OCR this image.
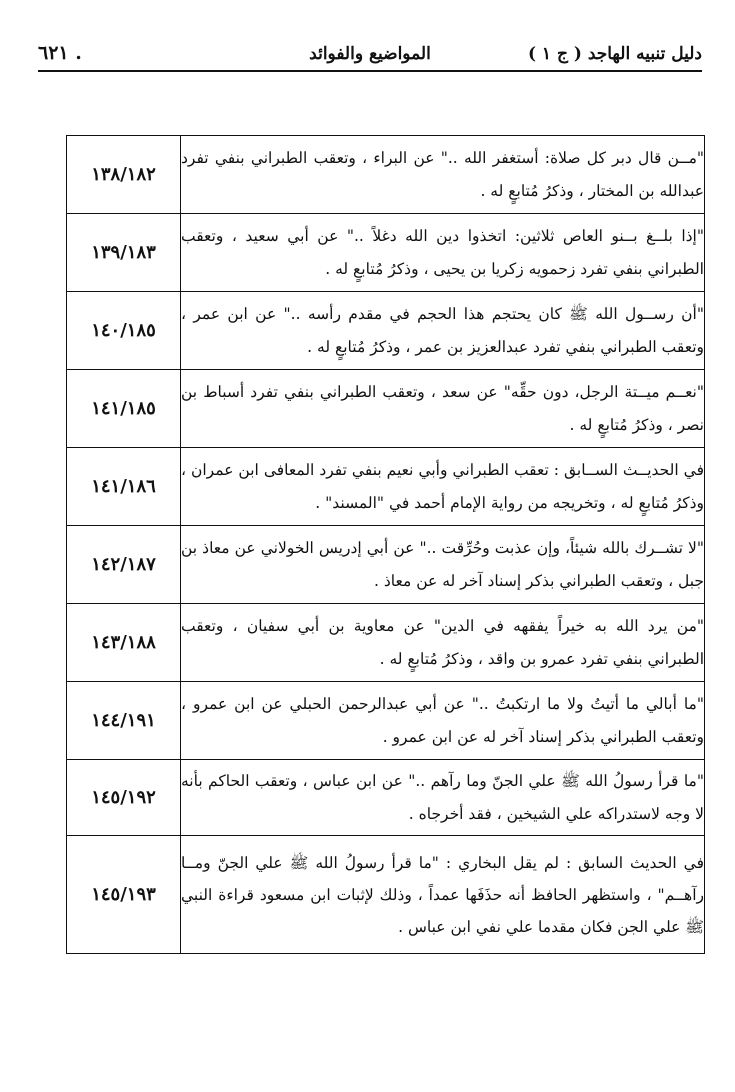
دليل تنبيه الهاجد ( ج ١ )
المواضيع والفوائد
٦٢١ .
"مــن قال دبر كل صلاة: أستغفر الله .." عن البراء ، وتعقب الطبراني بنفي تفرد عبدالله بن المختار ، وذكرُ مُتابعٍ له .	١٣٨/١٨٢
"إذا بلــغ بــنو العاص ثلاثين: اتخذوا دين الله دغلاً .." عن أبي سعيد ، وتعقب الطبراني بنفي تفرد زحمويه زكريا بن يحيى ، وذكرُ مُتابعٍ له .	١٣٩/١٨٣
"أن رســول الله ﷺ كان يحتجم هذا الحجم في مقدم رأسه .." عن ابن عمر ، وتعقب الطبراني بنفي تفرد عبدالعزيز بن عمر ، وذكرُ مُتابعٍ له .	١٤٠/١٨٥
"نعــم ميــتة الرجل، دون حقِّه" عن سعد ، وتعقب الطبراني بنفي تفرد أسباط بن نصر ، وذكرُ مُتابعٍ له .	١٤١/١٨٥
في الحديــث الســابق : تعقب الطبراني وأبي نعيم بنفي تفرد المعافى ابن عمران ، وذكرُ مُتابعٍ له ، وتخريجه من رواية الإمام أحمد في "المسند" .	١٤١/١٨٦
"لا تشــرك بالله شيئاً، وإن عذبت وحُرِّقت .." عن أبي إدريس الخولاني عن معاذ بن جبل ، وتعقب الطبراني بذكر إسناد آخر له عن معاذ .	١٤٢/١٨٧
"من يرد الله به خيراً يفقهه في الدين" عن معاوية بن أبي سفيان ، وتعقب الطبراني بنفي تفرد عمرو بن واقد ، وذكرُ مُتابعٍ له .	١٤٣/١٨٨
"ما أبالي ما أتيتُ ولا ما ارتكبتُ .." عن أبي عبدالرحمن الحبلي عن ابن عمرو ، وتعقب الطبراني بذكر إسناد آخر له عن ابن عمرو .	١٤٤/١٩١
"ما قرأ رسولُ الله ﷺ علي الجنّ وما رآهم .." عن ابن عباس ، وتعقب الحاكم بأنه لا وجه لاستدراكه علي الشيخين ، فقد أخرجاه .	١٤٥/١٩٢
في الحديث السابق : لم يقل البخاري : "ما قرأ رسولُ الله ﷺ علي الجنّ ومــا رآهــم" ، واستظهر الحافظ أنه حذَفَها عمداً ، وذلك لإثبات ابن مسعود قراءة النبي ﷺ علي الجن فكان مقدما علي نفي ابن عباس .	١٤٥/١٩٣
